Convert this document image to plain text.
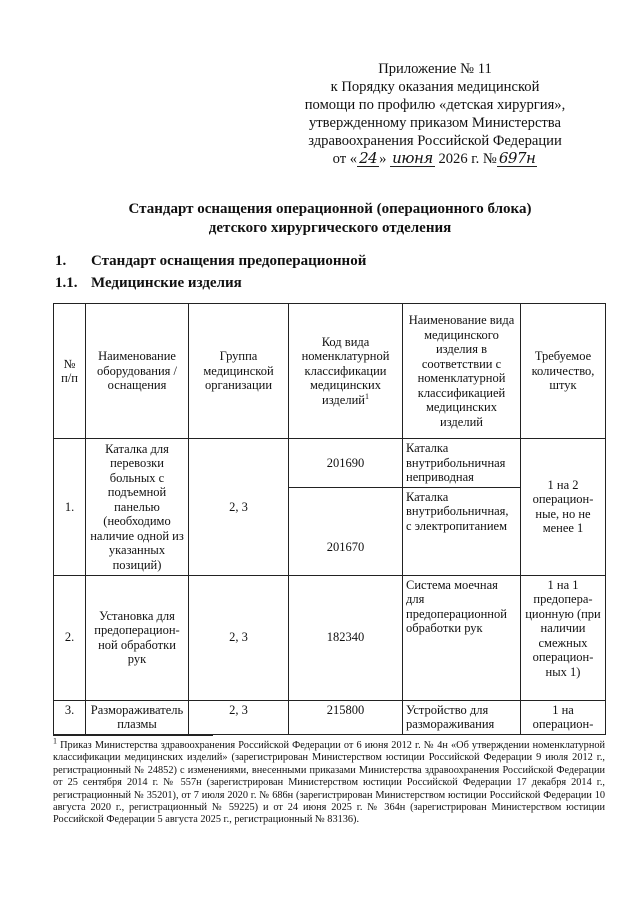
Приложение № 11
к Порядку оказания медицинской
помощи по профилю «детская хирургия»,
утвержденному приказом Министерства
здравоохранения Российской Федерации
от « 24 » июня 2026 г. № 697н
Стандарт оснащения операционной (операционного блока)
детского хирургического отделения
1. Стандарт оснащения предоперационной
1.1. Медицинские изделия
№ п/п	Наименование оборудования / оснащения	Группа медицинской организации	Код вида номенклатурной классификации медицинских изделий$^1$	Наименование вида медицинского изделия в соответствии с номенклатурной классификацией медицинских изделий	Требуемое количество, штук
1.	Каталка для перевозки больных с подъемной панелью (необходимо наличие одной из указанных позиций)	2, 3	201690	Каталка внутрибольничная неприводная	1 на 2 операцион-ные, но не менее 1
			201670	Каталка внутрибольничная, с электропитанием	
2.	Установка для предоперацион-ной обработки рук	2, 3	182340	Система моечная для предоперационной обработки рук	1 на 1 предопера-ционную (при наличии смежных операцион-ных 1)
3.	Размораживатель плазмы	2, 3	215800	Устройство для размораживания	1 на операцион-
$^1$ Приказ Министерства здравоохранения Российской Федерации от 6 июня 2012 г. № 4н «Об утверждении номенклатурной классификации медицинских изделий» (зарегистрирован Министерством юстиции Российской Федерации 9 июля 2012 г., регистрационный № 24852) с изменениями, внесенными приказами Министерства здравоохранения Российской Федерации от 25 сентября 2014 г. № 557н (зарегистрирован Министерством юстиции Российской Федерации 17 декабря 2014 г., регистрационный № 35201), от 7 июля 2020 г. № 686н (зарегистрирован Министерством юстиции Российской Федерации 10 августа 2020 г., регистрационный № 59225) и от 24 июня 2025 г. № 364н (зарегистрирован Министерством юстиции Российской Федерации 5 августа 2025 г., регистрационный № 83136).
